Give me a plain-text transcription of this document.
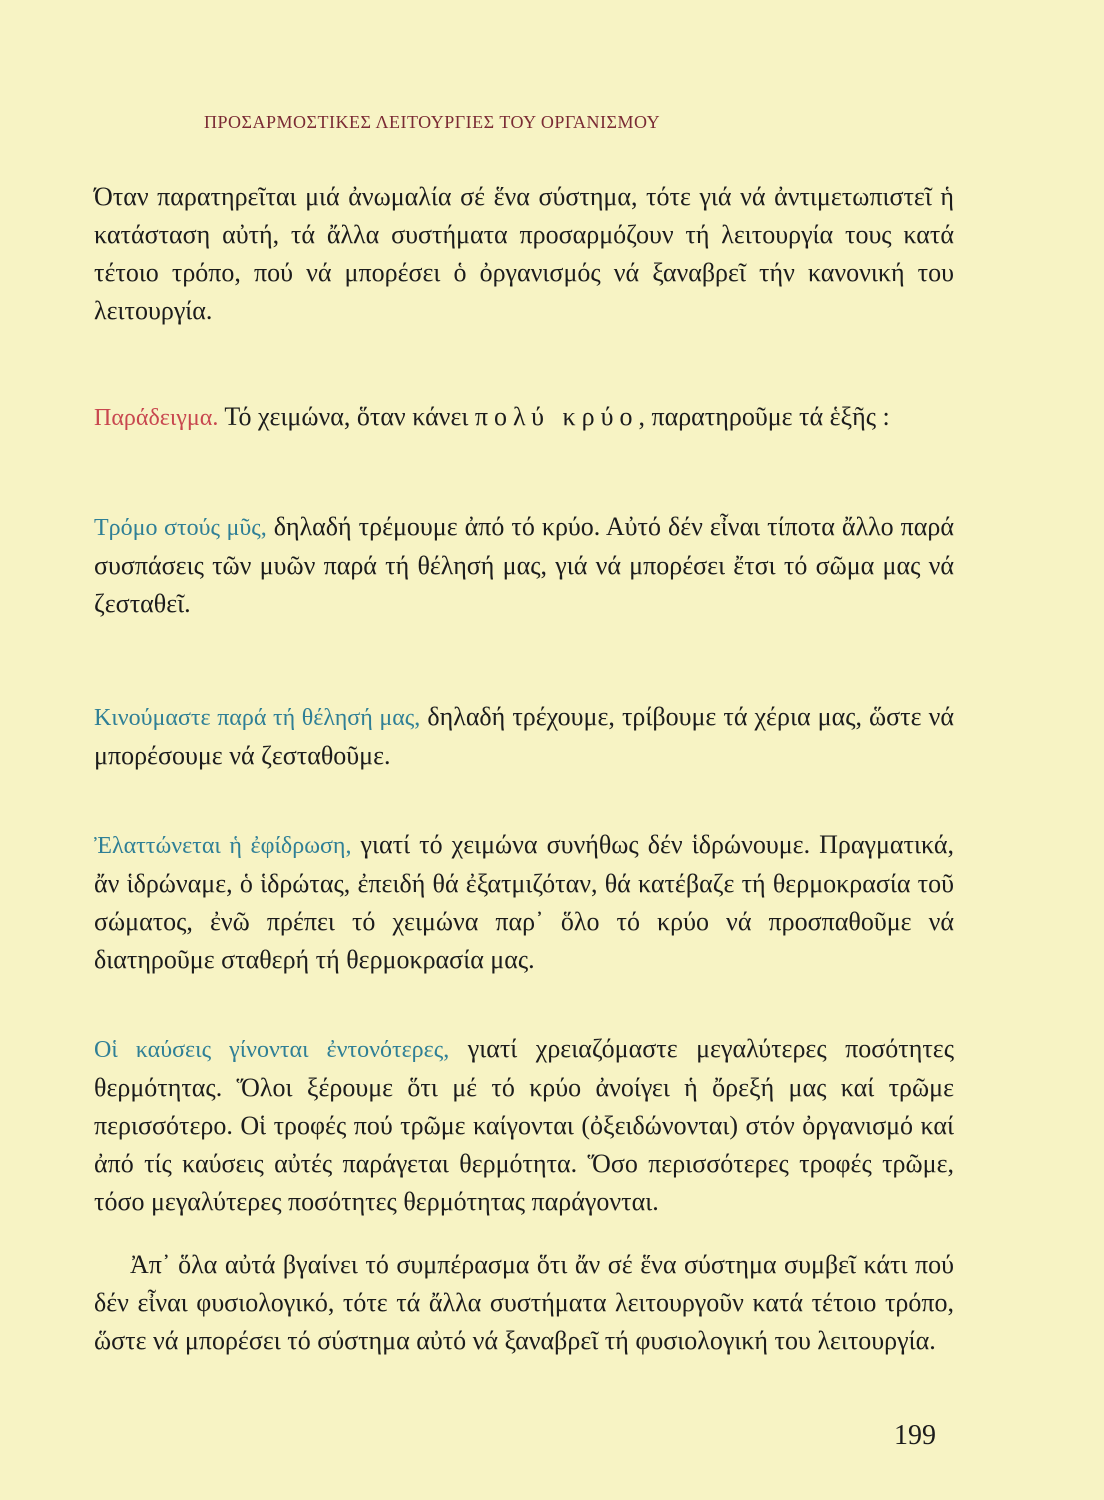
ΠΡΟΣΑΡΜΟΣΤΙΚΕΣ ΛΕΙΤΟΥΡΓΙΕΣ ΤΟΥ ΟΡΓΑΝΙΣΜΟΥ

Όταν παρατηρεῖται μιά ἀνωμαλία σέ ἕνα σύστημα, τότε γιά νά ἀντιμετωπιστεῖ ἡ κατάσταση αὐτή, τά ἄλλα συστήματα προσαρμόζουν τή λειτουργία τους κατά τέτοιο τρόπο, πού νά μπορέσει ὁ ὀργανισμός νά ξαναβρεῖ τήν κανονική του λειτουργία.

Παράδειγμα. Τό χειμώνα, ὅταν κάνει πολύ κρύο, παρατηροῦμε τά ἑξῆς :

Τρόμο στούς μῦς, δηλαδή τρέμουμε ἀπό τό κρύο. Αὐτό δέν εἶναι τίποτα ἄλλο παρά συσπάσεις τῶν μυῶν παρά τή θέλησή μας, γιά νά μπορέσει ἔτσι τό σῶμα μας νά ζεσταθεῖ.

Κινούμαστε παρά τή θέλησή μας, δηλαδή τρέχουμε, τρίβουμε τά χέρια μας, ὥστε νά μπορέσουμε νά ζεσταθοῦμε.

Ἐλαττώνεται ἡ ἐφίδρωση, γιατί τό χειμώνα συνήθως δέν ἱδρώνουμε. Πραγματικά, ἄν ἱδρώναμε, ὁ ἱδρώτας, ἐπειδή θά ἐξατμιζόταν, θά κατέβαζε τή θερμοκρασία τοῦ σώματος, ἐνῶ πρέπει τό χειμώνα παρ᾽ ὅλο τό κρύο νά προσπαθοῦμε νά διατηροῦμε σταθερή τή θερμοκρασία μας.

Οἱ καύσεις γίνονται ἐντονότερες, γιατί χρειαζόμαστε μεγαλύτερες ποσότητες θερμότητας. Ὅλοι ξέρουμε ὅτι μέ τό κρύο ἀνοίγει ἡ ὄρεξή μας καί τρῶμε περισσότερο. Οἱ τροφές πού τρῶμε καίγονται (ὀξειδώνονται) στόν ὀργανισμό καί ἀπό τίς καύσεις αὐτές παράγεται θερμότητα. Ὅσο περισσότερες τροφές τρῶμε, τόσο μεγαλύτερες ποσότητες θερμότητας παράγονται.

Ἀπ᾽ ὅλα αὐτά βγαίνει τό συμπέρασμα ὅτι ἄν σέ ἕνα σύστημα συμβεῖ κάτι πού δέν εἶναι φυσιολογικό, τότε τά ἄλλα συστήματα λειτουργοῦν κατά τέτοιο τρόπο, ὥστε νά μπορέσει τό σύστημα αὐτό νά ξαναβρεῖ τή φυσιολογική του λειτουργία.

199
